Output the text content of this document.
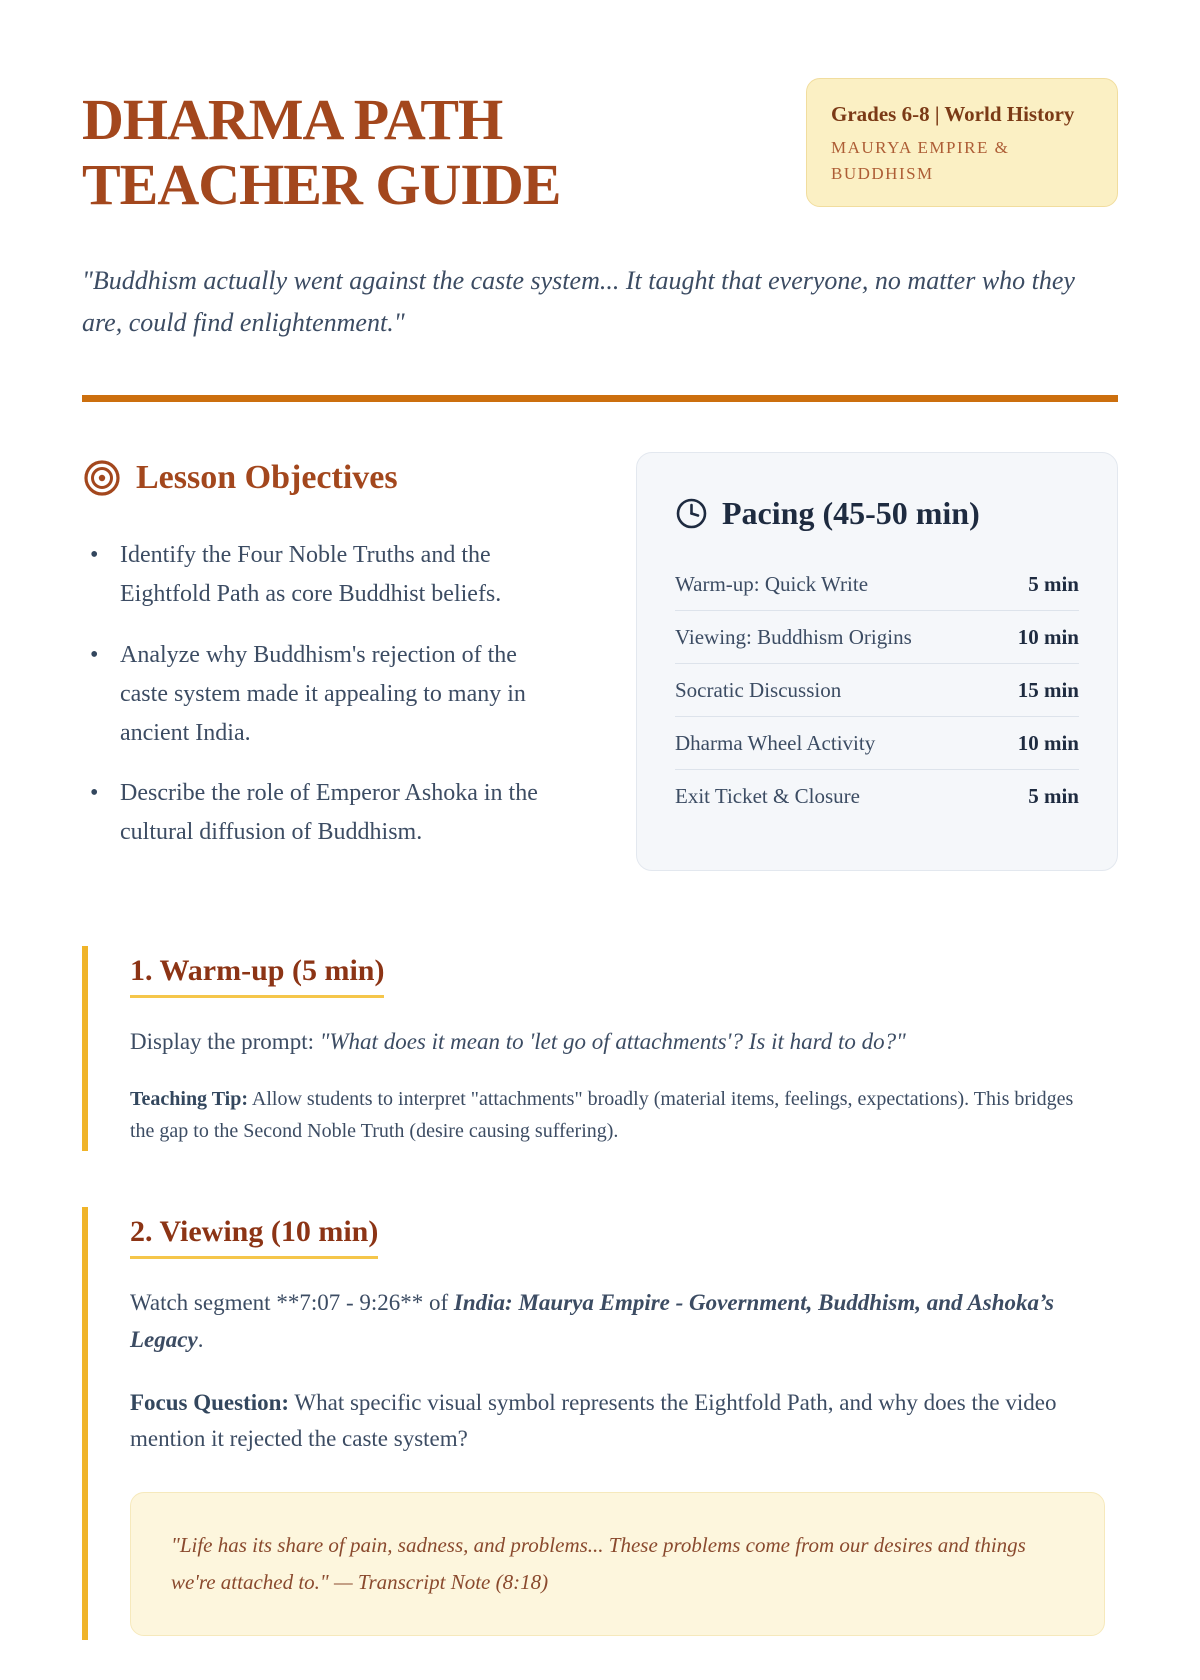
DHARMA PATH TEACHER GUIDE
Grades 6-8 | World History
MAURYA EMPIRE & BUDDHISM

"Buddhism actually went against the caste system... It taught that everyone, no matter who they are, could find enlightenment."

Lesson Objectives
• Identify the Four Noble Truths and the Eightfold Path as core Buddhist beliefs.
• Analyze why Buddhism's rejection of the caste system made it appealing to many in ancient India.
• Describe the role of Emperor Ashoka in the cultural diffusion of Buddhism.
Pacing (45-50 min)
Warm-up: Quick Write	5 min
Viewing: Buddhism Origins	10 min
Socratic Discussion	15 min
Dharma Wheel Activity	10 min
Exit Ticket & Closure	5 min
1. Warm-up (5 min)

Display the prompt: "What does it mean to 'let go of attachments'? Is it hard to do?"

Teaching Tip: Allow students to interpret "attachments" broadly (material items, feelings, expectations). This bridges the gap to the Second Noble Truth (desire causing suffering).

2. Viewing (10 min)

Watch segment **7:07 - 9:26** of India: Maurya Empire - Government, Buddhism, and Ashoka’s Legacy.

Focus Question: What specific visual symbol represents the Eightfold Path, and why does the video mention it rejected the caste system?

"Life has its share of pain, sadness, and problems... These problems come from our desires and things we're attached to." — Transcript Note (8:18)
